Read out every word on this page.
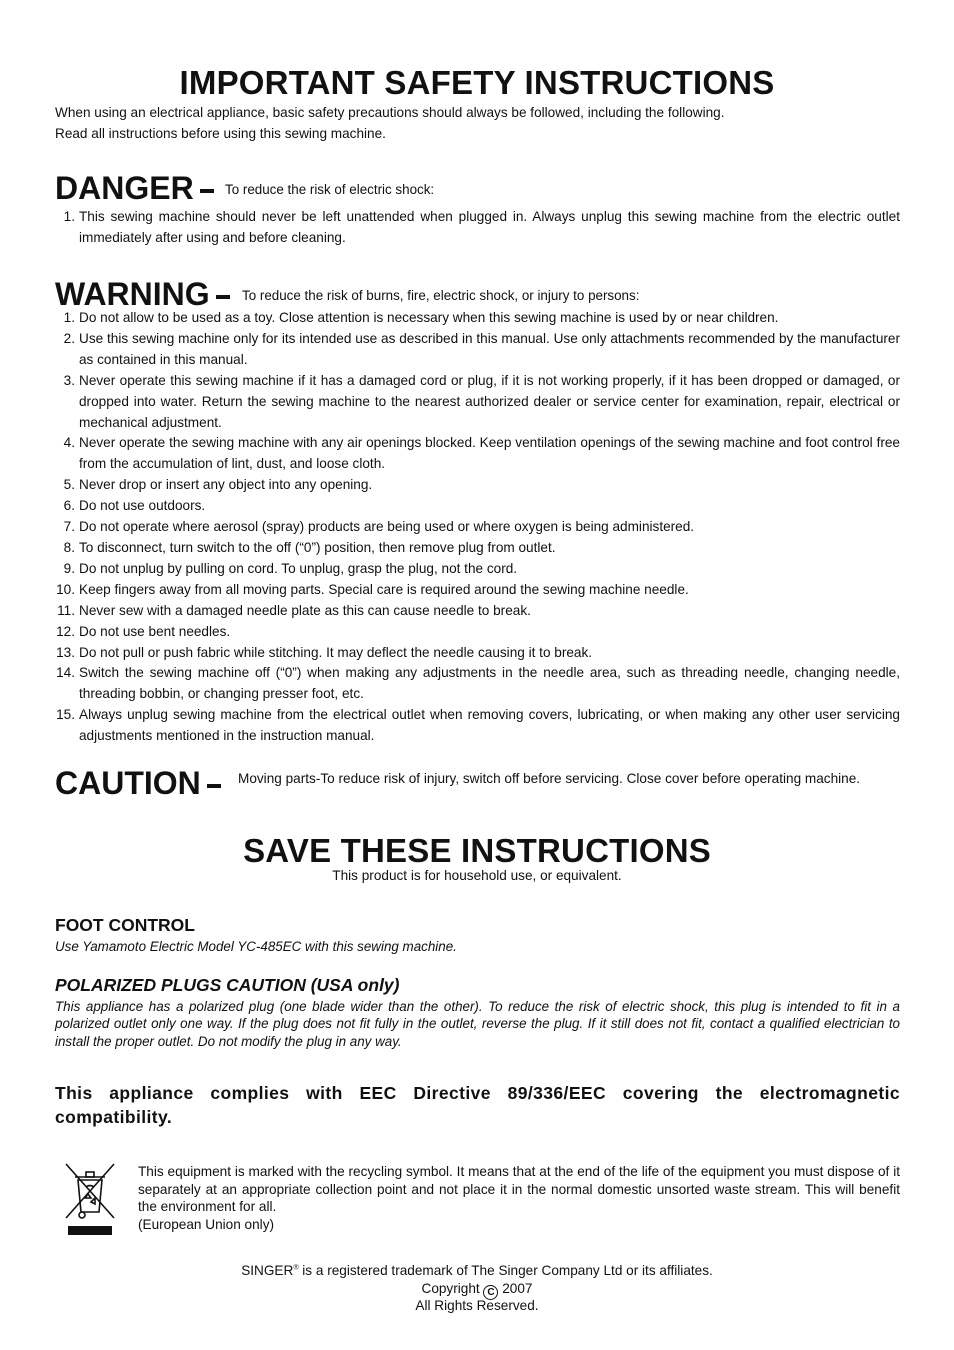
IMPORTANT SAFETY INSTRUCTIONS
When using an electrical appliance, basic safety precautions should always be followed, including the following.
Read all instructions before using this sewing machine.
DANGER	To reduce the risk of electric shock:
1. This sewing machine should never be left unattended when plugged in. Always unplug this sewing machine from the electric outlet immediately after using and before cleaning.
WARNING	To reduce the risk of burns, fire, electric shock, or injury to persons:
1. Do not allow to be used as a toy. Close attention is necessary when this sewing machine is used by or near children.
2. Use this sewing machine only for its intended use as described in this manual. Use only attachments recommended by the manufacturer as contained in this manual.
3. Never operate this sewing machine if it has a damaged cord or plug, if it is not working properly, if it has been dropped or damaged, or dropped into water. Return the sewing machine to the nearest authorized dealer or service center for examination, repair, electrical or mechanical adjustment.
4. Never operate the sewing machine with any air openings blocked. Keep ventilation openings of the sewing machine and foot control free from the accumulation of lint, dust, and loose cloth.
5. Never drop or insert any object into any opening.
6. Do not use outdoors.
7. Do not operate where aerosol (spray) products are being used or where oxygen is being administered.
8. To disconnect, turn switch to the off (“0”) position, then remove plug from outlet.
9. Do not unplug by pulling on cord. To unplug, grasp the plug, not the cord.
10. Keep fingers away from all moving parts. Special care is required around the sewing machine needle.
11. Never sew with a damaged needle plate as this can cause needle to break.
12. Do not use bent needles.
13. Do not pull or push fabric while stitching. It may deflect the needle causing it to break.
14. Switch the sewing machine off (“0”) when making any adjustments in the needle area, such as threading needle, changing needle, threading bobbin, or changing presser foot, etc.
15. Always unplug sewing machine from the electrical outlet when removing covers, lubricating, or when making any other user servicing adjustments mentioned in the instruction manual.
CAUTION	Moving parts-To reduce risk of injury, switch off before servicing. Close cover before operating machine.
SAVE THESE INSTRUCTIONS
This product is for household use, or equivalent.
FOOT CONTROL
Use Yamamoto Electric Model YC-485EC with this sewing machine.
POLARIZED PLUGS CAUTION (USA only)
This appliance has a polarized plug (one blade wider than the other). To reduce the risk of electric shock, this plug is intended to fit in a polarized outlet only one way. If the plug does not fit fully in the outlet, reverse the plug. If it still does not fit, contact a qualified electrician to install the proper outlet. Do not modify the plug in any way.
This appliance complies with EEC Directive 89/336/EEC covering the electromagnetic compatibility.
This equipment is marked with the recycling symbol. It means that at the end of the life of the equipment you must dispose of it separately at an appropriate collection point and not place it in the normal domestic unsorted waste stream. This will benefit the environment for all.
(European Union only)
SINGER® is a registered trademark of The Singer Company Ltd or its affiliates.
Copyright C 2007
All Rights Reserved.
